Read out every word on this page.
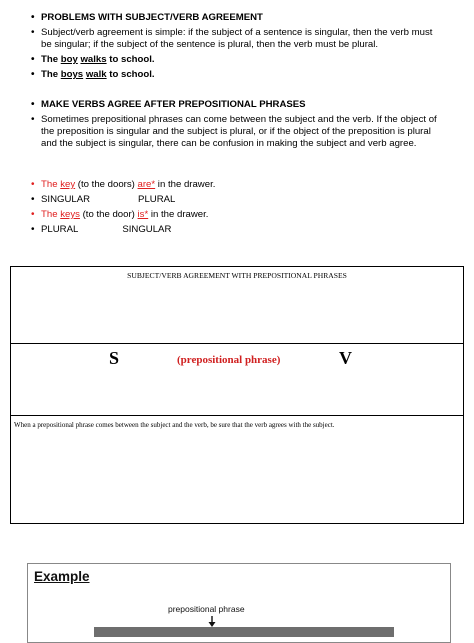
• PROBLEMS WITH SUBJECT/VERB AGREEMENT

• Subject/verb agreement is simple: if the subject of a sentence is singular, then the verb must be singular; if the subject of the sentence is plural, then the verb must be plural.

• The boy walks to school.

• The boys walk to school.

• MAKE VERBS AGREE AFTER PREPOSITIONAL PHRASES

• Sometimes prepositional phrases can come between the subject and the verb. If the object of the preposition is singular and the subject is plural, or if the object of the preposition is plural and the subject is singular, there can be confusion in making the subject and verb agree.

• The key (to the doors) are* in the drawer.

• SINGULAR	PLURAL

• The keys (to the door) is* in the drawer.

• PLURAL	SINGULAR

SUBJECT/VERB AGREEMENT WITH PREPOSITIONAL PHRASES
S	(prepositional phrase)	V
When a prepositional phrase comes between the subject and the verb, be sure that the verb agrees with the subject.
Example
prepositional phrase
